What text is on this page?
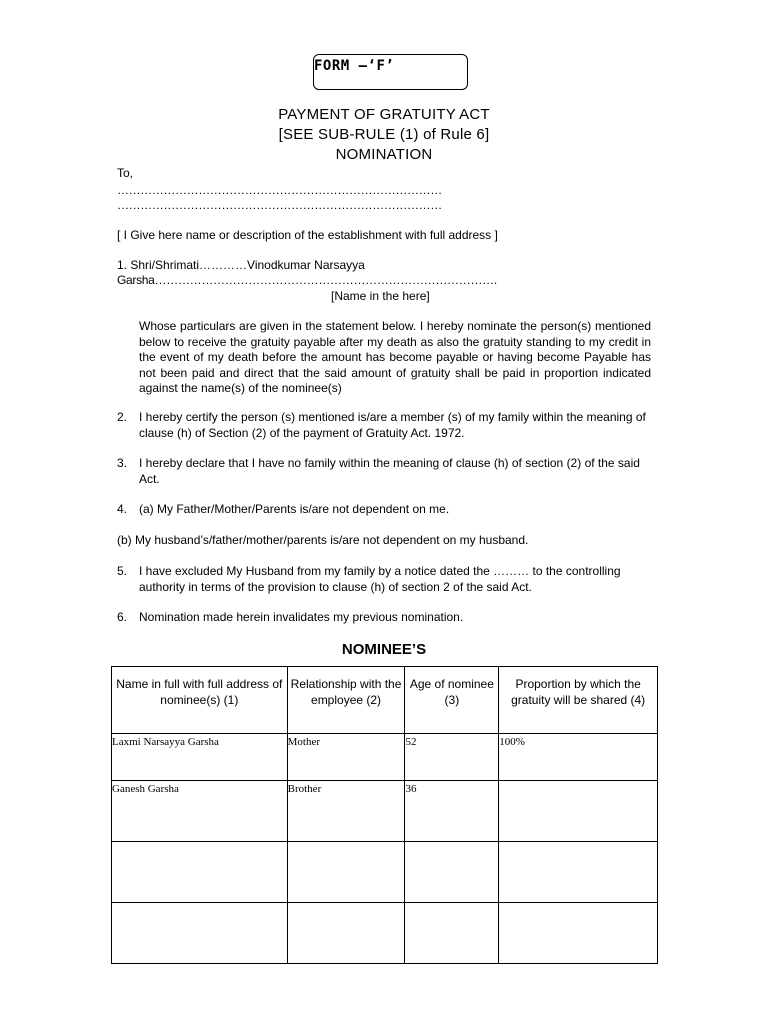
FORM –‘F’
PAYMENT OF GRATUITY ACT
[SEE SUB-RULE (1) of Rule 6]
NOMINATION
To,
…………………………………………………………………………
…………………………………………………………………………
[ I Give here name or description of the establishment with full address ]
1. Shri/Shrimati…………Vinodkumar Narsayya
Garsha…………………………………………………………………………….
[Name in the here]
Whose particulars are given in the statement below. I hereby nominate the person(s) mentioned below to receive the gratuity payable after my death as also the gratuity standing to my credit in the event of my death before the amount has become payable or having become Payable has not been paid and direct that the said amount of gratuity shall be paid in proportion indicated against the name(s) of the nominee(s)
2. I hereby certify the person (s) mentioned is/are a member (s) of my family within the meaning of clause (h) of Section (2) of the payment of Gratuity Act. 1972.
3. I hereby declare that I have no family within the meaning of clause (h) of section (2) of the said Act.
4. (a) My Father/Mother/Parents is/are not dependent on me.
(b) My husband’s/father/mother/parents is/are not dependent on my husband.
5. I have excluded My Husband from my family by a notice dated the ……… to the controlling authority in terms of the provision to clause (h) of section 2 of the said Act.
6. Nomination made herein invalidates my previous nomination.
NOMINEE’S
Name in full with full address of nominee(s) (1)	Relationship with the employee (2)	Age of nominee (3)	Proportion by which the gratuity will be shared (4)
Laxmi Narsayya Garsha	Mother	52	100%
Ganesh Garsha	Brother	36	
